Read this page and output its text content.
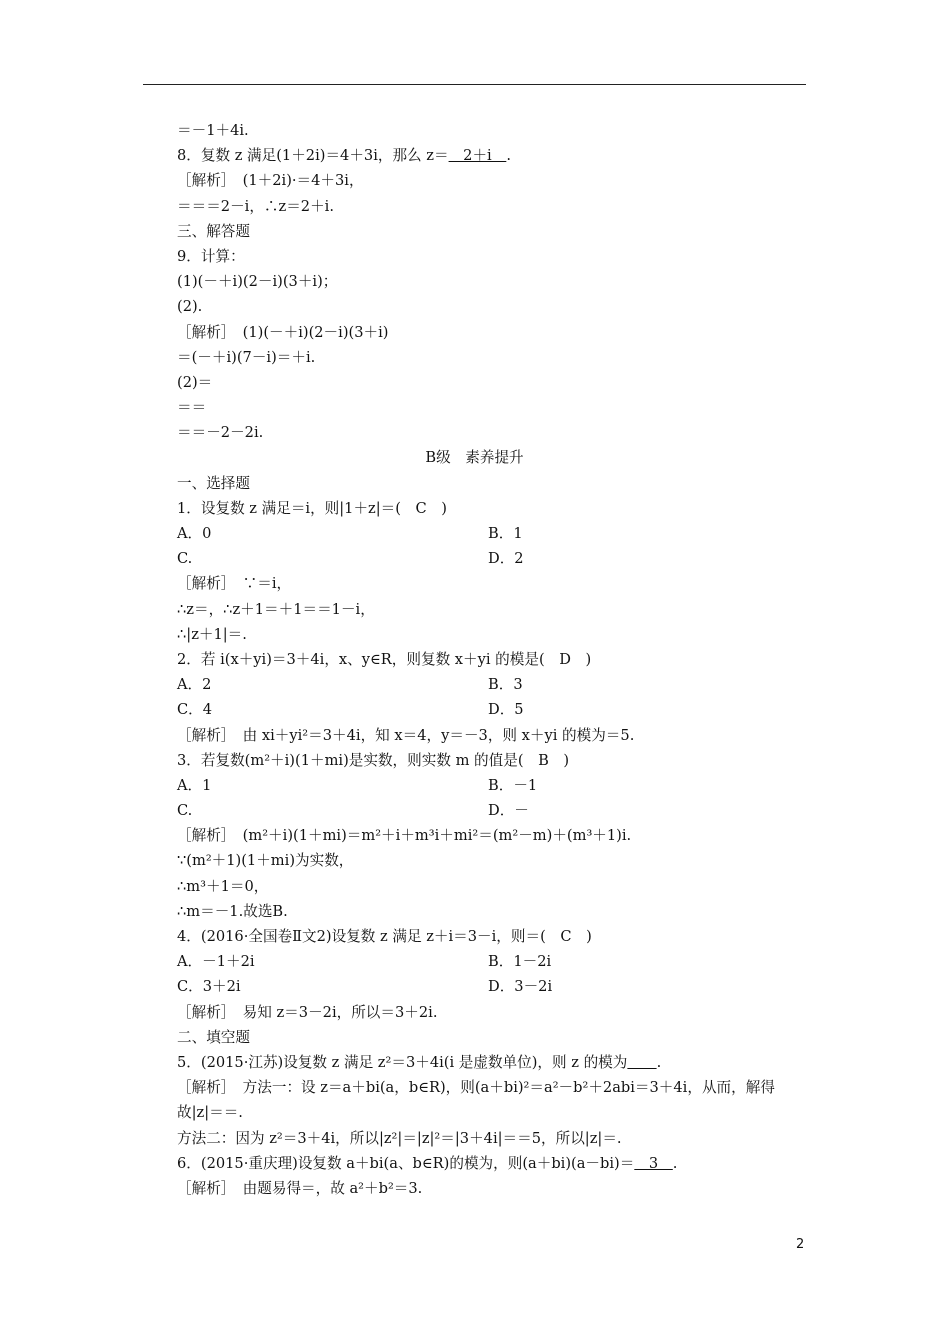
＝－1＋4i.
8．复数 z 满足(1＋2i)＝4＋3i，那么 z＝　2＋i　.
［解析］　(1＋2i)·＝4＋3i，
＝＝＝2－i，∴z＝2＋i.
三、解答题
9．计算：
(1)(－＋i)(2－i)(3＋i)；
(2).
［解析］　(1)(－＋i)(2－i)(3＋i)
＝(－＋i)(7－i)＝＋i.
(2)＝
＝＝
＝＝－2－2i.
B级　素养提升
一、选择题
1．设复数 z 满足＝i，则|1＋z|＝(　C　)
A．0	B．1
C.	D．2
［解析］　∵＝i，
∴z＝，∴z＋1＝＋1＝＝1－i，
∴|z＋1|＝.
2．若 i(x＋yi)＝3＋4i，x、y∈R，则复数 x＋yi 的模是(　D　)
A．2	B．3
C．4	D．5
［解析］　由 xi＋yi²＝3＋4i，知 x＝4，y＝－3，则 x＋yi 的模为＝5.
3．若复数(m²＋i)(1＋mi)是实数，则实数 m 的值是(　B　)
A．1	B．－1
C.	D．－
［解析］　(m²＋i)(1＋mi)＝m²＋i＋m³i＋mi²＝(m²－m)＋(m³＋1)i.
∵(m²＋1)(1＋mi)为实数，
∴m³＋1＝0，
∴m＝－1.故选B.
4．(2016·全国卷Ⅱ文2)设复数 z 满足 z＋i＝3－i，则＝(　C　)
A．－1＋2i	B．1－2i
C．3＋2i	D．3－2i
［解析］　易知 z＝3－2i，所以＝3＋2i.
二、填空题
5．(2015·江苏)设复数 z 满足 z²＝3＋4i(i 是虚数单位)，则 z 的模为　　 .
［解析］　方法一：设 z＝a＋bi(a，b∈R)，则(a＋bi)²＝a²－b²＋2abi＝3＋4i，从而，解得
故|z|＝＝.
方法二：因为 z²＝3＋4i，所以|z²|＝|z|²＝|3＋4i|＝＝5，所以|z|＝.
6．(2015·重庆理)设复数 a＋bi(a、b∈R)的模为，则(a＋bi)(a－bi)＝　3　.
［解析］　由题易得＝，故 a²＋b²＝3.
2
